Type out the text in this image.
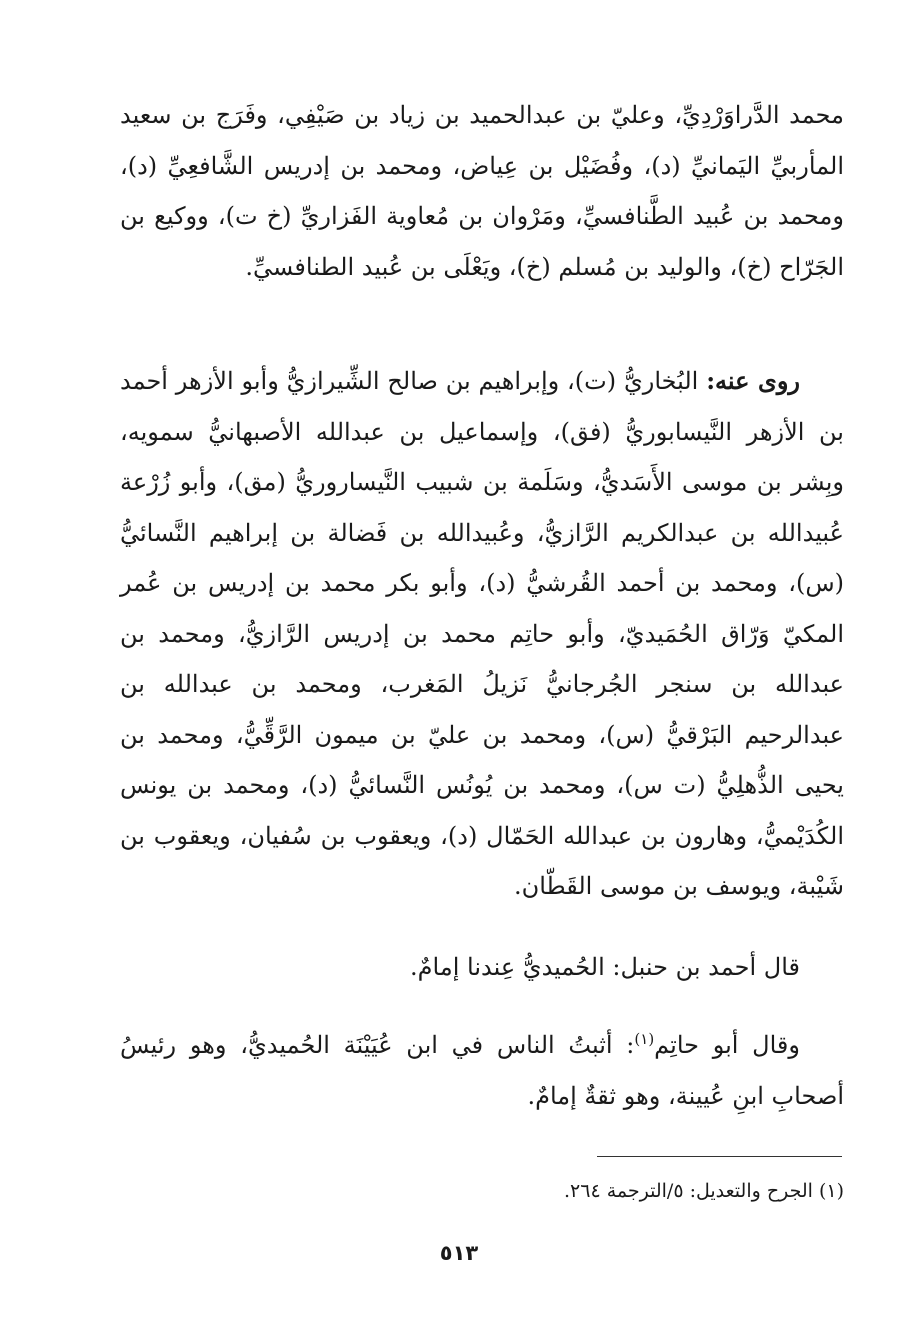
محمد الدَّراوَرْدِيِّ، وعليّ بن عبدالحميد بن زياد بن صَيْفِي، وفَرَج بن سعيد المأربيِّ اليَمانيِّ (د)، وفُضَيْل بن عِياض، ومحمد بن إدريس الشَّافعِيِّ (د)، ومحمد بن عُبيد الطَّنافسيِّ، ومَرْوان بن مُعاوية الفَزاريِّ (خ ت)، ووكيع بن الجَرّاح (خ)، والوليد بن مُسلم (خ)، ويَعْلَى بن عُبيد الطنافسيِّ.
روى عنه: البُخاريُّ (ت)، وإبراهيم بن صالح الشِّيرازيُّ وأبو الأزهر أحمد بن الأزهر النَّيسابوريُّ (فق)، وإسماعيل بن عبدالله الأصبهانيُّ سمويه، وبِشر بن موسى الأَسَديُّ، وسَلَمة بن شبيب النَّيساروريُّ (مق)، وأبو زُرْعة عُبيدالله بن عبدالكريم الرَّازيُّ، وعُبيدالله بن فَضالة بن إبراهيم النَّسائيُّ (س)، ومحمد بن أحمد القُرشيُّ (د)، وأبو بكر محمد بن إدريس بن عُمر المكيّ وَرّاق الحُمَيديّ، وأبو حاتِم محمد بن إدريس الرَّازيُّ، ومحمد بن عبدالله بن سنجر الجُرجانيُّ نَزيلُ المَغرب، ومحمد بن عبدالله بن عبدالرحيم البَرْقيُّ (س)، ومحمد بن عليّ بن ميمون الرَّقِّيُّ، ومحمد بن يحيى الذُّهلِيُّ (ت س)، ومحمد بن يُونُس النَّسائيُّ (د)، ومحمد بن يونس الكُدَيْميُّ، وهارون بن عبدالله الحَمّال (د)، ويعقوب بن سُفيان، ويعقوب بن شَيْبة، ويوسف بن موسى القَطّان.

قال أحمد بن حنبل: الحُميديُّ عِندنا إمامٌ.

وقال أبو حاتِم$^{(١)}$: أثبتُ الناس في ابن عُيَيْنَة الحُميديُّ، وهو رئيسُ أصحابِ ابنِ عُيينة، وهو ثقةٌ إمامٌ.

(١) الجرح والتعديل: ٥/الترجمة ٢٦٤.
٥١٣
